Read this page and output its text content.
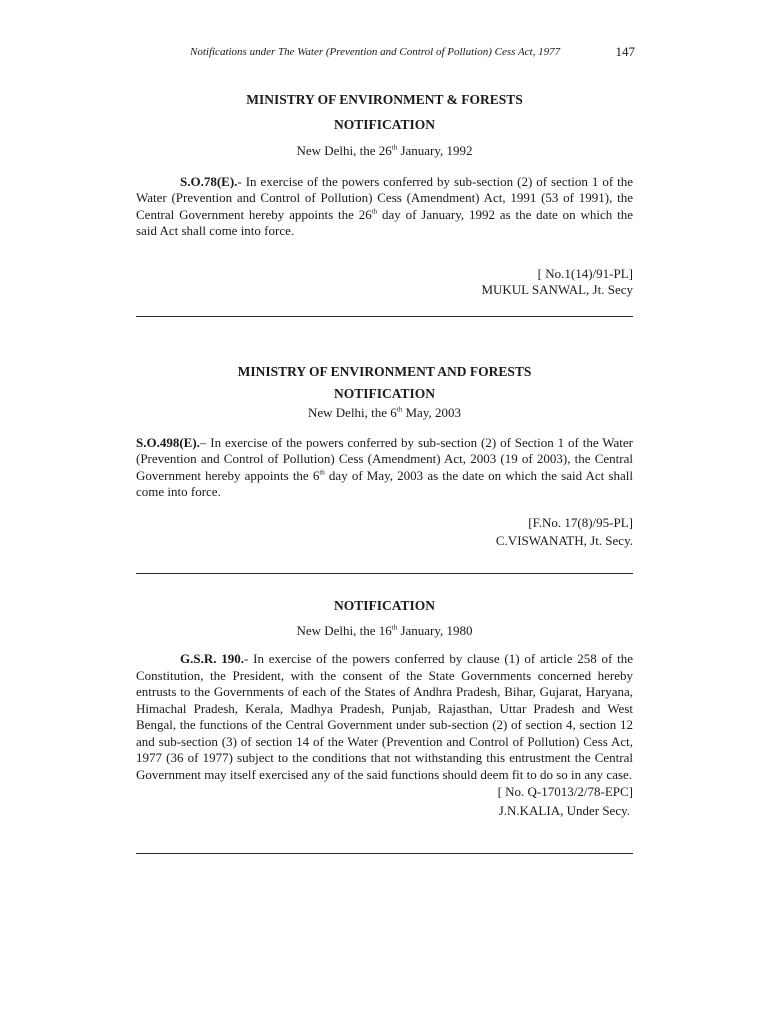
Notifications under The Water (Prevention and Control of Pollution) Cess Act, 1977	147
MINISTRY OF ENVIRONMENT & FORESTS
NOTIFICATION
New Delhi, the 26th January, 1992
S.O.78(E).- In exercise of the powers conferred by sub-section (2) of section 1 of the Water (Prevention and Control of Pollution) Cess (Amendment) Act, 1991 (53 of 1991), the Central Government hereby appoints the 26th day of January, 1992 as the date on which the said Act shall come into force.
[ No.1(14)/91-PL]
MUKUL SANWAL, Jt. Secy
MINISTRY OF ENVIRONMENT AND FORESTS
NOTIFICATION
New Delhi, the 6th May, 2003
S.O.498(E).– In exercise of the powers conferred by sub-section (2) of Section 1 of the Water (Prevention and Control of Pollution) Cess (Amendment) Act, 2003 (19 of 2003), the Central Government hereby appoints the 6th day of May, 2003 as the date on which the said Act shall come into force.
[F.No. 17(8)/95-PL]
C.VISWANATH, Jt. Secy.
NOTIFICATION
New Delhi, the 16th January, 1980
G.S.R. 190.- In exercise of the powers conferred by clause (1) of article 258 of the Constitution, the President, with the consent of the State Governments concerned hereby entrusts to the Governments of each of the States of Andhra Pradesh, Bihar, Gujarat, Haryana, Himachal Pradesh, Kerala, Madhya Pradesh, Punjab, Rajasthan, Uttar Pradesh and West Bengal, the functions of the Central Government under sub-section (2) of section 4, section 12 and sub-section (3) of section 14 of the Water (Prevention and Control of Pollution) Cess Act, 1977 (36 of 1977) subject to the conditions that not withstanding this entrustment the Central Government may itself exercised any of the said functions should deem fit to do so in any case.
[ No. Q-17013/2/78-EPC]
J.N.KALIA, Under Secy.
